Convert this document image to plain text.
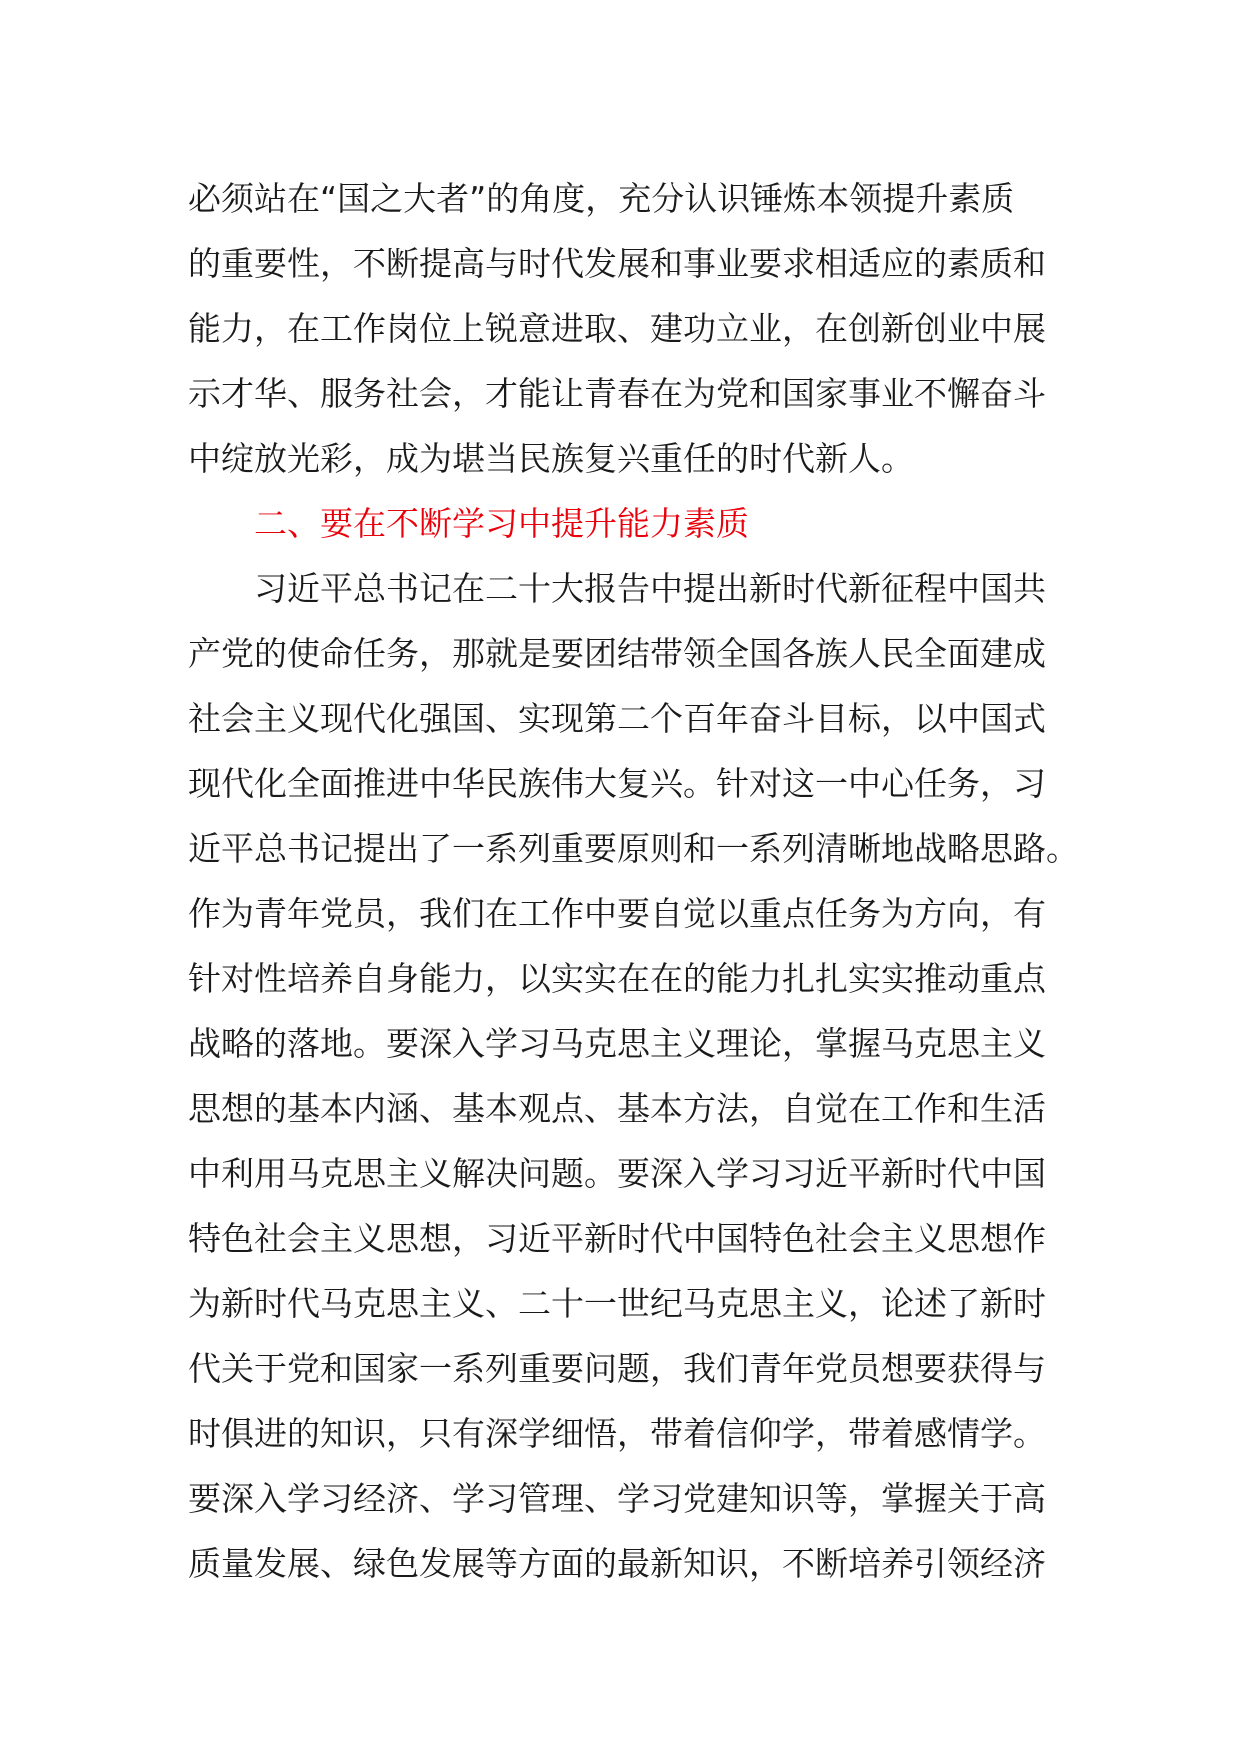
必须站在“国之大者”的角度，充分认识锤炼本领提升素质
的重要性，不断提高与时代发展和事业要求相适应的素质和
能力，在工作岗位上锐意进取、建功立业，在创新创业中展
示才华、服务社会，才能让青春在为党和国家事业不懈奋斗
中绽放光彩，成为堪当民族复兴重任的时代新人。
二、要在不断学习中提升能力素质
习近平总书记在二十大报告中提出新时代新征程中国共
产党的使命任务，那就是要团结带领全国各族人民全面建成
社会主义现代化强国、实现第二个百年奋斗目标，以中国式
现代化全面推进中华民族伟大复兴。针对这一中心任务，习
近平总书记提出了一系列重要原则和一系列清晰地战略思路。
作为青年党员，我们在工作中要自觉以重点任务为方向，有
针对性培养自身能力，以实实在在的能力扎扎实实推动重点
战略的落地。要深入学习马克思主义理论，掌握马克思主义
思想的基本内涵、基本观点、基本方法，自觉在工作和生活
中利用马克思主义解决问题。要深入学习习近平新时代中国
特色社会主义思想，习近平新时代中国特色社会主义思想作
为新时代马克思主义、二十一世纪马克思主义，论述了新时
代关于党和国家一系列重要问题，我们青年党员想要获得与
时俱进的知识，只有深学细悟，带着信仰学，带着感情学。
要深入学习经济、学习管理、学习党建知识等，掌握关于高
质量发展、绿色发展等方面的最新知识，不断培养引领经济
